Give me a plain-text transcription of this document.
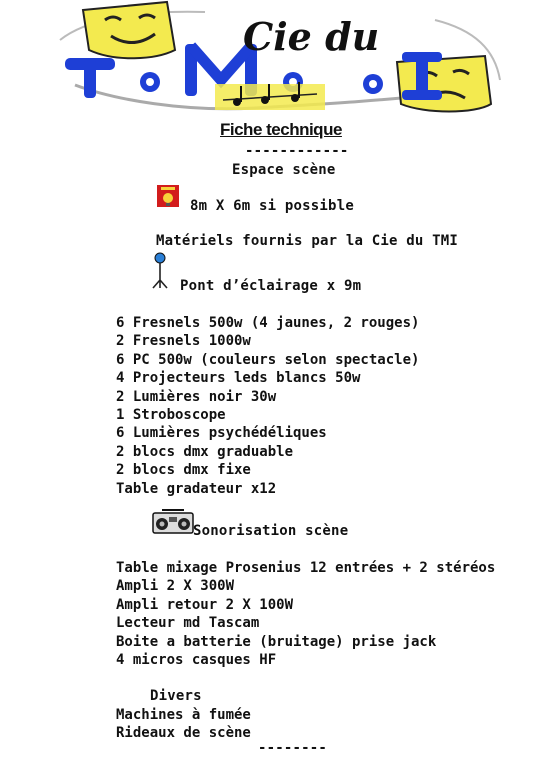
Cie du
Fiche technique
------------
Espace scène
8m X 6m si possible
Matériels fournis par la Cie du TMI
Pont d’éclairage x 9m
6 Fresnels 500w (4 jaunes, 2 rouges)
2 Fresnels 1000w
6 PC 500w (couleurs selon spectacle)
4 Projecteurs leds blancs 50w
2 Lumières noir 30w
1 Stroboscope
6 Lumières psychédéliques
2 blocs dmx graduable
2 blocs dmx fixe
Table gradateur x12
Sonorisation scène
Table mixage Prosenius 12 entrées + 2 stéréos
Ampli 2 X 300W
Ampli retour 2 X 100W
Lecteur md Tascam
Boite a batterie (bruitage) prise jack
4 micros casques HF
Divers
Machines à fumée
Rideaux de scène
--------
